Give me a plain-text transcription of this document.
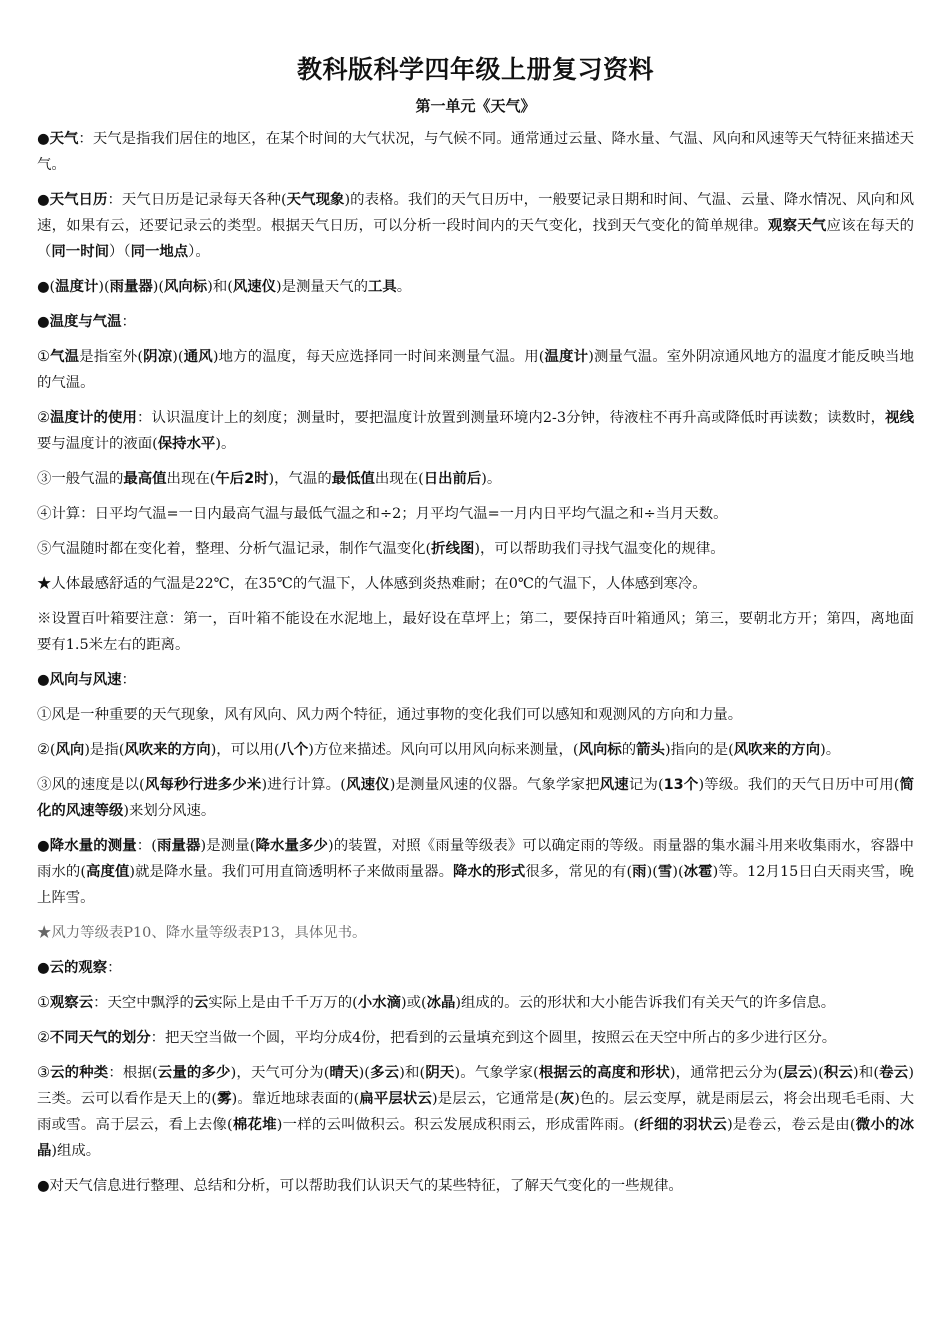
教科版科学四年级上册复习资料
第一单元《天气》
●天气：天气是指我们居住的地区，在某个时间的大气状况，与气候不同。通常通过云量、降水量、气温、风向和风速等天气特征来描述天气。
●天气日历：天气日历是记录每天各种(天气现象)的表格。我们的天气日历中，一般要记录日期和时间、气温、云量、降水情况、风向和风速，如果有云，还要记录云的类型。根据天气日历，可以分析一段时间内的天气变化，找到天气变化的简单规律。观察天气应该在每天的（同一时间）（同一地点）。
●(温度计)(雨量器)(风向标)和(风速仪)是测量天气的工具。
●温度与气温：
①气温是指室外(阴凉)(通风)地方的温度，每天应选择同一时间来测量气温。用(温度计)测量气温。室外阴凉通风地方的温度才能反映当地的气温。
②温度计的使用：认识温度计上的刻度；测量时，要把温度计放置到测量环境内2-3分钟，待液柱不再升高或降低时再读数；读数时，视线要与温度计的液面(保持水平)。
③一般气温的最高值出现在(午后2时)，气温的最低值出现在(日出前后)。
④计算：日平均气温=一日内最高气温与最低气温之和÷2；月平均气温=一月内日平均气温之和÷当月天数。
⑤气温随时都在变化着，整理、分析气温记录，制作气温变化(折线图)，可以帮助我们寻找气温变化的规律。
★人体最感舒适的气温是22℃，在35℃的气温下，人体感到炎热难耐；在0℃的气温下，人体感到寒冷。
※设置百叶箱要注意：第一，百叶箱不能设在水泥地上，最好设在草坪上；第二，要保持百叶箱通风；第三，要朝北方开；第四，离地面要有1.5米左右的距离。
●风向与风速：
①风是一种重要的天气现象，风有风向、风力两个特征，通过事物的变化我们可以感知和观测风的方向和力量。
②(风向)是指(风吹来的方向)，可以用(八个)方位来描述。风向可以用风向标来测量，(风向标的箭头)指向的是(风吹来的方向)。
③风的速度是以(风每秒行进多少米)进行计算。(风速仪)是测量风速的仪器。气象学家把风速记为(13个)等级。我们的天气日历中可用(简化的风速等级)来划分风速。
●降水量的测量：(雨量器)是测量(降水量多少)的装置，对照《雨量等级表》可以确定雨的等级。雨量器的集水漏斗用来收集雨水，容器中雨水的(高度值)就是降水量。我们可用直筒透明杯子来做雨量器。降水的形式很多，常见的有(雨)(雪)(冰雹)等。12月15日白天雨夹雪，晚上阵雪。
★风力等级表P10、降水量等级表P13，具体见书。
●云的观察：
①观察云：天空中飘浮的云实际上是由千千万万的(小水滴)或(冰晶)组成的。云的形状和大小能告诉我们有关天气的许多信息。
②不同天气的划分：把天空当做一个圆，平均分成4份，把看到的云量填充到这个圆里，按照云在天空中所占的多少进行区分。
③云的种类：根据(云量的多少)，天气可分为(晴天)(多云)和(阴天)。气象学家(根据云的高度和形状)，通常把云分为(层云)(积云)和(卷云)三类。云可以看作是天上的(雾)。靠近地球表面的(扁平层状云)是层云，它通常是(灰)色的。层云变厚，就是雨层云，将会出现毛毛雨、大雨或雪。高于层云，看上去像(棉花堆)一样的云叫做积云。积云发展成积雨云，形成雷阵雨。(纤细的羽状云)是卷云，卷云是由(微小的冰晶)组成。
●对天气信息进行整理、总结和分析，可以帮助我们认识天气的某些特征，了解天气变化的一些规律。
